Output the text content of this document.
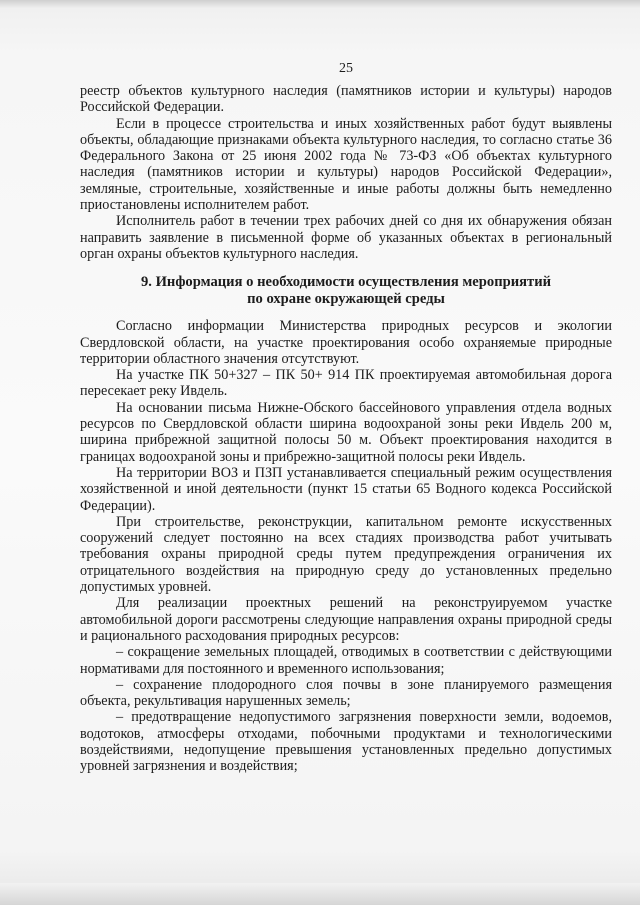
25

реестр объектов культурного наследия (памятников истории и культуры) народов Российской Федерации.

Если в процессе строительства и иных хозяйственных работ будут выявлены объекты, обладающие признаками объекта культурного наследия, то согласно статье 36 Федерального Закона от 25 июня 2002 года № 73-ФЗ «Об объектах культурного наследия (памятников истории и культуры) народов Российской Федерации», земляные, строительные, хозяйственные и иные работы должны быть немедленно приостановлены исполнителем работ.

Исполнитель работ в течении трех рабочих дней со дня их обнаружения обязан направить заявление в письменной форме об указанных объектах в региональный орган охраны объектов культурного наследия.

9. Информация о необходимости осуществления мероприятий
по охране окружающей среды

Согласно информации Министерства природных ресурсов и экологии Свердловской области, на участке проектирования особо охраняемые природные территории областного значения отсутствуют.

На участке ПК 50+327 – ПК 50+ 914 ПК проектируемая автомобильная дорога пересекает реку Ивдель.

На основании письма Нижне-Обского бассейнового управления отдела водных ресурсов по Свердловской области ширина водоохраной зоны реки Ивдель 200 м, ширина прибрежной защитной полосы 50 м. Объект проектирования находится в границах водоохраной зоны и прибрежно-защитной полосы реки Ивдель.

На территории ВОЗ и ПЗП устанавливается специальный режим осуществления хозяйственной и иной деятельности (пункт 15 статьи 65 Водного кодекса Российской Федерации).

При строительстве, реконструкции, капитальном ремонте искусственных сооружений следует постоянно на всех стадиях производства работ учитывать требования охраны природной среды путем предупреждения ограничения их отрицательного воздействия на природную среду до установленных предельно допустимых уровней.

Для реализации проектных решений на реконструируемом участке автомобильной дороги рассмотрены следующие направления охраны природной среды и рационального расходования природных ресурсов:

– сокращение земельных площадей, отводимых в соответствии с действующими нормативами для постоянного и временного использования;

– сохранение плодородного слоя почвы в зоне планируемого размещения объекта, рекультивация нарушенных земель;

– предотвращение недопустимого загрязнения поверхности земли, водоемов, водотоков, атмосферы отходами, побочными продуктами и технологическими воздействиями, недопущение превышения установленных предельно допустимых уровней загрязнения и воздействия;
